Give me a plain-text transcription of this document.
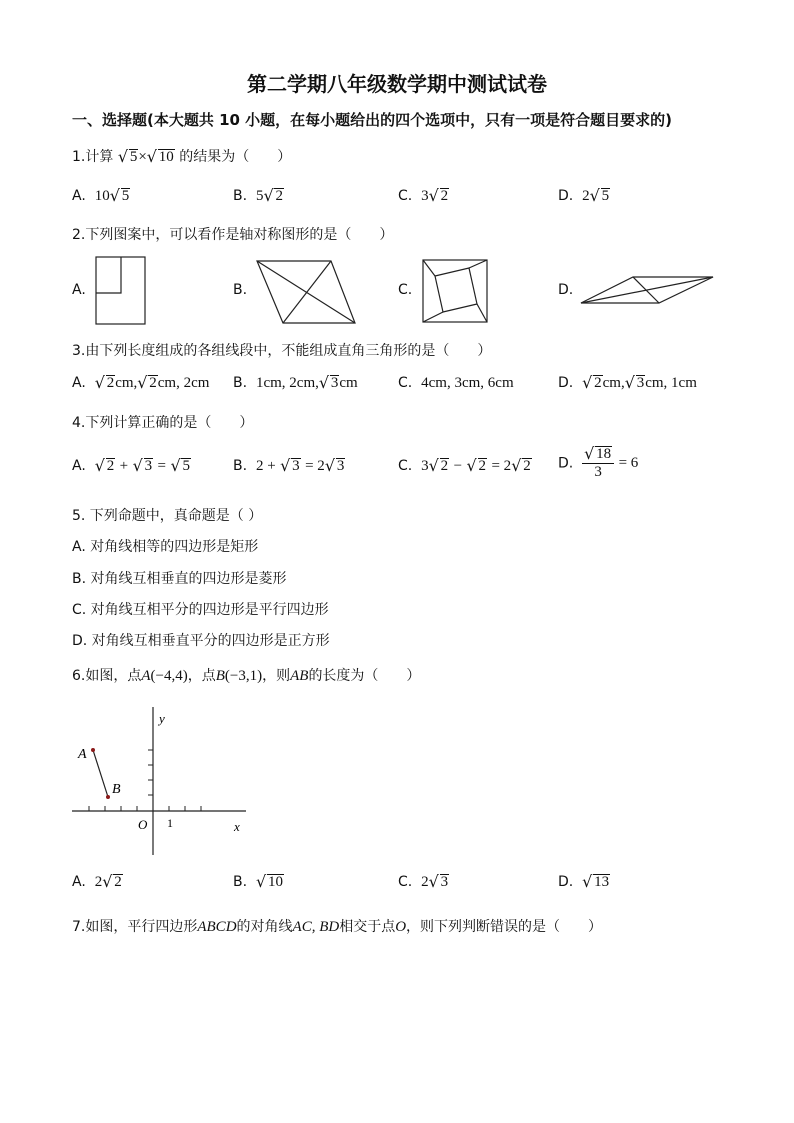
第二学期八年级数学期中测试试卷
一、选择题(本大题共 10 小题，在每小题给出的四个选项中，只有一项是符合题目要求的)
1.计算 √ 5× √ 10 的结果为（　　）
A. 10 √ 5	B. 5 √ 2	C. 3 √ 2	D. 2 √ 5
2.下列图案中，可以看作是轴对称图形的是（　　）
A.	B.	C.	D.
3.由下列长度组成的各组线段中，不能组成直角三角形的是（　　）
A. √ 2cm, √ 2cm, 2cm B. 1cm, 2cm, √ 3cm	C. 4cm, 3cm, 6cm	D. √ 2cm, √ 3cm, 1cm
4.下列计算正确的是（　　）
A. √ 2 + √ 3 = √ 5	B. 2 + √ 3 = 2 √ 3	C. 3 √ 2 − √ 2 = 2 √ 2 D. √ $\frac{18}{3} = 6$
5. 下列命题中，真命题是（ ）
A. 对角线相等的四边形是矩形
B. 对角线互相垂直的四边形是菱形
C. 对角线互相平分的四边形是平行四边形
D. 对角线互相垂直平分的四边形是正方形
6.如图，点A(−4,4)，点B(−3,1)，则AB的长度为（　　）
A
B
y
x
O 1
A. 2 √ 2	B. √ 10	C. 2 √ 3	D. √ 13
7.如图，平行四边形ABCD的对角线AC, BD相交于点O，则下列判断错误的是（　　）
